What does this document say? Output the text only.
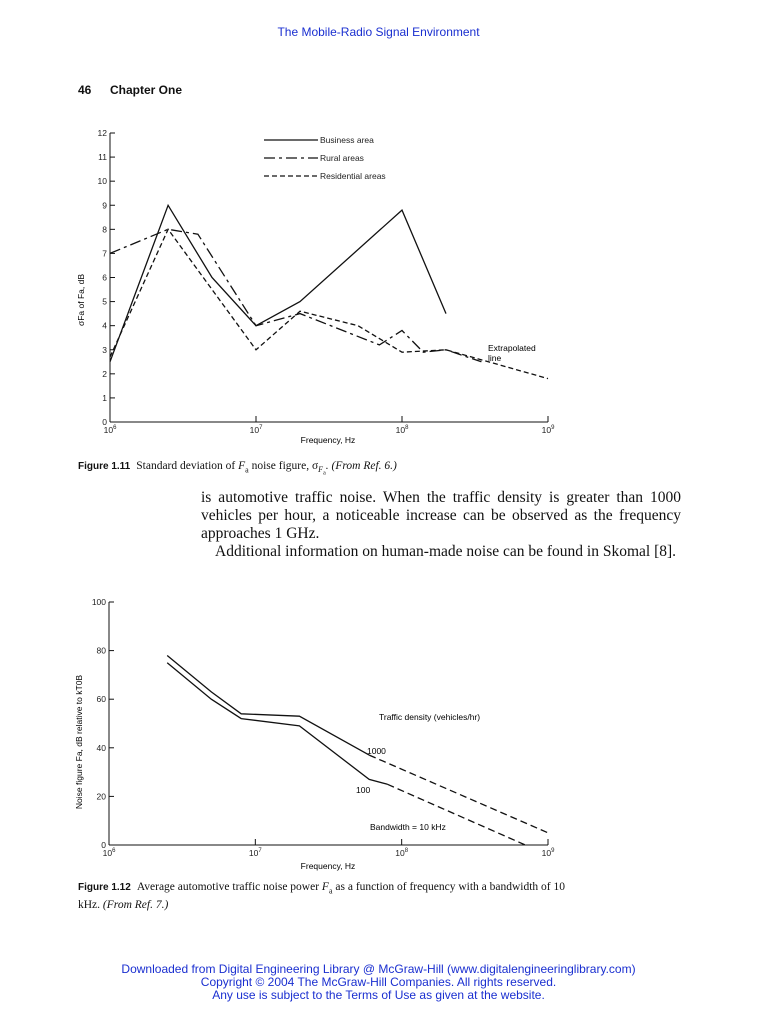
The Mobile-Radio Signal Environment
46 Chapter One
0
1
2
3
4
5
6
7
8
9
10
11
12
$10^6$	$10^7$	$10^8$	$10^9$
Business area
Rural areas
Residential areas
Frequency, Hz
σFa of Fa, dB
Extrapolated
line
Figure 1.11 Standard deviation of $F_a$ noise figure, $\sigma_{F_a}$. (From Ref. 6.)

is automotive traffic noise. When the traffic density is greater than 1000 vehicles per hour, a noticeable increase can be observed as the frequency approaches 1 GHz.

Additional information on human-made noise can be found in Skomal [8].

0
20
40
60
80
100
$10^6$	$10^7$	$10^8$	$10^9$
Traffic density (vehicles/hr)
1000
100
Bandwidth = 10 kHz
Frequency, Hz
Noise figure Fa, dB relative to kT0B
Figure 1.12 Average automotive traffic noise power $F_a$ as a function of frequency with a bandwidth of 10 kHz. (From Ref. 7.)
Downloaded from Digital Engineering Library @ McGraw-Hill (www.digitalengineeringlibrary.com)
Copyright © 2004 The McGraw-Hill Companies. All rights reserved.
Any use is subject to the Terms of Use as given at the website.
